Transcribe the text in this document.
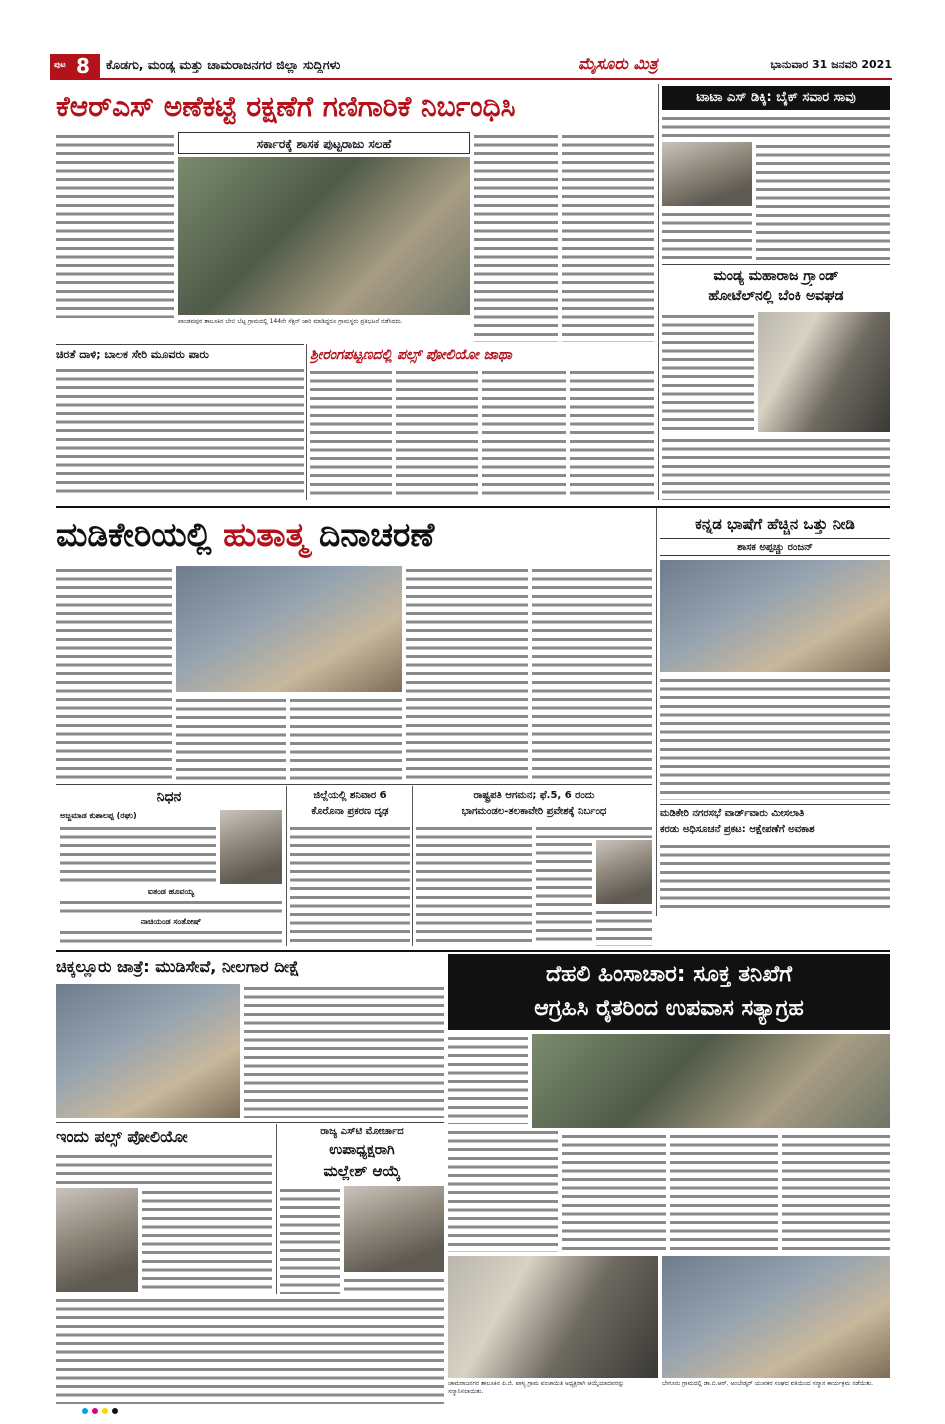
ಪುಟ 8 ಕೊಡಗು, ಮಂಡ್ಯ ಮತ್ತು ಚಾಮರಾಜನಗರ ಜಿಲ್ಲಾ ಸುದ್ದಿಗಳು	ಮೈಸೂರು ಮಿತ್ರ	ಭಾನುವಾರ 31 ಜನವರಿ 2021
ಕೆಆರ್‌ಎಸ್ ಅಣೆಕಟ್ಟೆ ರಕ್ಷಣೆಗೆ ಗಣಿಗಾರಿಕೆ ನಿರ್ಬಂಧಿಸಿ
ಸರ್ಕಾರಕ್ಕೆ ಶಾಸಕ ಪುಟ್ಟರಾಜು ಸಲಹೆ
ಪಾಂಡವಪುರ ತಾಲೂಕಿನ ಬೇಬಿ ಬೆಟ್ಟ ಗ್ರಾಮದಲ್ಲಿ 144ನೇ ಸೆಕ್ಷನ್ ಜಾರಿ ಮಾಡಿದ್ದರೂ ಗ್ರಾಮಸ್ಥರು ಪ್ರತಿಭಟನೆ ನಡೆಸಿದರು.
ಟಾಟಾ ಎಸ್ ಡಿಕ್ಕಿ: ಬೈಕ್ ಸವಾರ ಸಾವು
ಮಂಡ್ಯ ಮಹಾರಾಜ ಗ್ರ್ಯಾಂಡ್
ಹೋಟೆಲ್‌ನಲ್ಲಿ ಬೆಂಕಿ ಅವಘಡ
ಚಿರತೆ ದಾಳಿ; ಬಾಲಕ ಸೇರಿ ಮೂವರು ಪಾರು	ಶ್ರೀರಂಗಪಟ್ಟಣದಲ್ಲಿ ಪಲ್ಸ್ ಪೋಲಿಯೋ ಜಾಥಾ
ಮಡಿಕೇರಿಯಲ್ಲಿ ಹುತಾತ್ಮ ದಿನಾಚರಣೆ	ಕನ್ನಡ ಭಾಷೆಗೆ ಹೆಚ್ಚಿನ ಒತ್ತು ನೀಡಿ
ಶಾಸಕ ಅಪ್ಪಚ್ಚು ರಂಜನ್
ಮಡಿಕೇರಿ ನಗರಸಭೆ ವಾರ್ಡ್‌ವಾರು ಮೀಸಲಾತಿ
ಕರಡು ಅಧಿಸೂಚನೆ ಪ್ರಕಟ: ಆಕ್ಷೇಪಣೆಗೆ ಅವಕಾಶ
ನಿಧನ
ಅಜ್ಜಮಾಡ ಕುಶಾಲಪ್ಪ (ರಘು)
ಐತಂಡ ಹೂವಯ್ಯ
ನಾಚಿಯಂಡ ಸಂತೋಷ್
ಜಿಲ್ಲೆಯಲ್ಲಿ ಶನಿವಾರ 6
ಕೊರೊನಾ ಪ್ರಕರಣ ದೃಢ
ರಾಷ್ಟ್ರಪತಿ ಆಗಮನ; ಫೆ.5, 6 ರಂದು
ಭಾಗಮಂಡಲ-ತಲಕಾವೇರಿ ಪ್ರವೇಶಕ್ಕೆ ನಿರ್ಬಂಧ
ಚಿಕ್ಕಲ್ಲೂರು ಜಾತ್ರೆ: ಮುಡಿಸೇವೆ, ನೀಲಗಾರ ದೀಕ್ಷೆ	ದೆಹಲಿ ಹಿಂಸಾಚಾರ: ಸೂಕ್ತ ತನಿಖೆಗೆ
ಆಗ್ರಹಿಸಿ ರೈತರಿಂದ ಉಪವಾಸ ಸತ್ಯಾಗ್ರಹ
ಚಾಮರಾಜನಗರ ತಾಲೂಕಿನ ಪಿ.ಜಿ. ಪಾಳ್ಯ ಗ್ರಾಮ ಪಂಚಾಯಿತಿ ಅಧ್ಯಕ್ಷರಾಗಿ ಆಯ್ಕೆಯಾದವರನ್ನು ಸನ್ಮಾನಿಸಲಾಯಿತು.
ಬೇಗೂರು ಗ್ರಾಮದಲ್ಲಿ ಡಾ.ಬಿ.ಆರ್. ಅಂಬೇಡ್ಕರ್ ಯುವಕರ ಸಂಘದ ವತಿಯಿಂದ ಸನ್ಮಾನ ಕಾರ್ಯಕ್ರಮ ನಡೆಯಿತು.
ಇಂದು ಪಲ್ಸ್ ಪೋಲಿಯೋ	ರಾಜ್ಯ ಎಸ್‌ಟಿ ಮೋರ್ಚಾದ
ಉಪಾಧ್ಯಕ್ಷರಾಗಿ
ಮಲ್ಲೇಶ್ ಆಯ್ಕೆ
